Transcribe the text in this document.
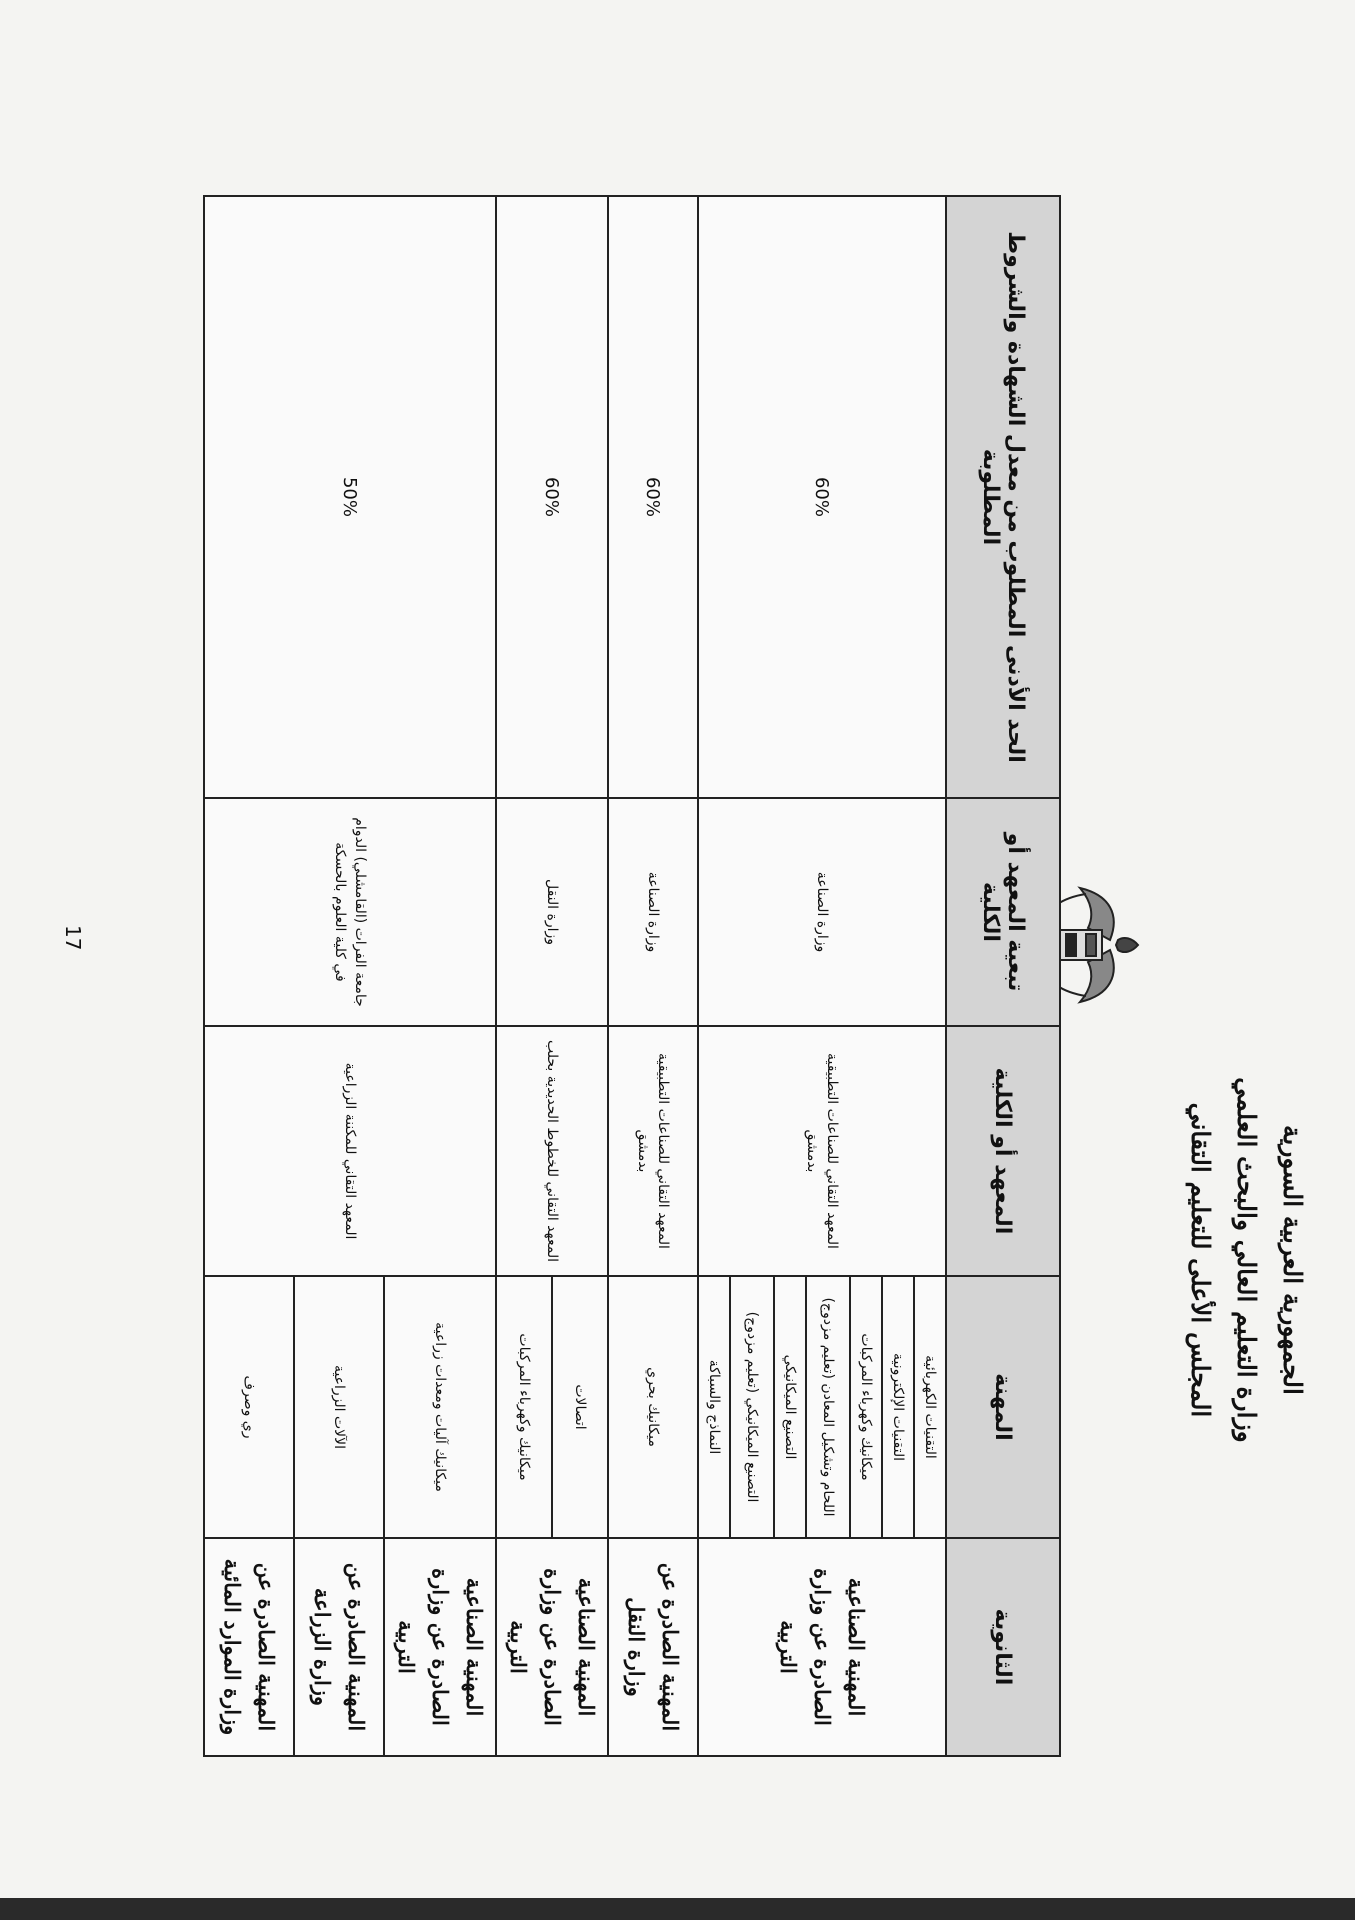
الجمهورية العربية السورية
وزارة التعليم العالي والبحث العلمي
المجلس الأعلى للتعليم التقاني
الثانوية	المهنة	المعهد أو الكلية	تبعية المعهد أو الكلية	الحد الأدنى المطلوب من معدل الشهادة والشروط المطلوبة
المهنية الصناعية الصادرة عن وزارة التربية	التقنيات الكهربائية	المعهد التقاني للصناعات التطبيقية بدمشق	وزارة الصناعة	60%
	التقنيات الإلكترونية			
	ميكانيك وكهرباء المركبات			
	اللحام وتشكيل المعادن (تعليم مزدوج)			
	التصنيع الميكانيكي			
	التصنيع الميكانيكي (تعليم مزدوج)			
	النماذج والسباكة			
المهنية الصادرة عن وزارة النقل	ميكانيك بحري	المعهد التقاني للصناعات التطبيقية بدمشق	وزارة الصناعة	60%
المهنية الصناعية الصادرة عن وزارة التربية	اتصالات	المعهد التقاني للخطوط الحديدية بحلب	وزارة النقل	60%
	ميكانيك وكهرباء المركبات			
المهنية الصناعية الصادرة عن وزارة التربية	ميكانيك آليات ومعدات زراعية	المعهد التقاني للمكننة الزراعية	جامعة الفرات (القامشلي) الدوام في كلية العلوم بالحسكة	50%
المهنية الصادرة عن وزارة الزراعة	الآلات الزراعية			
المهنية الصادرة عن وزارة الموارد المائية	ري وصرف			
17
